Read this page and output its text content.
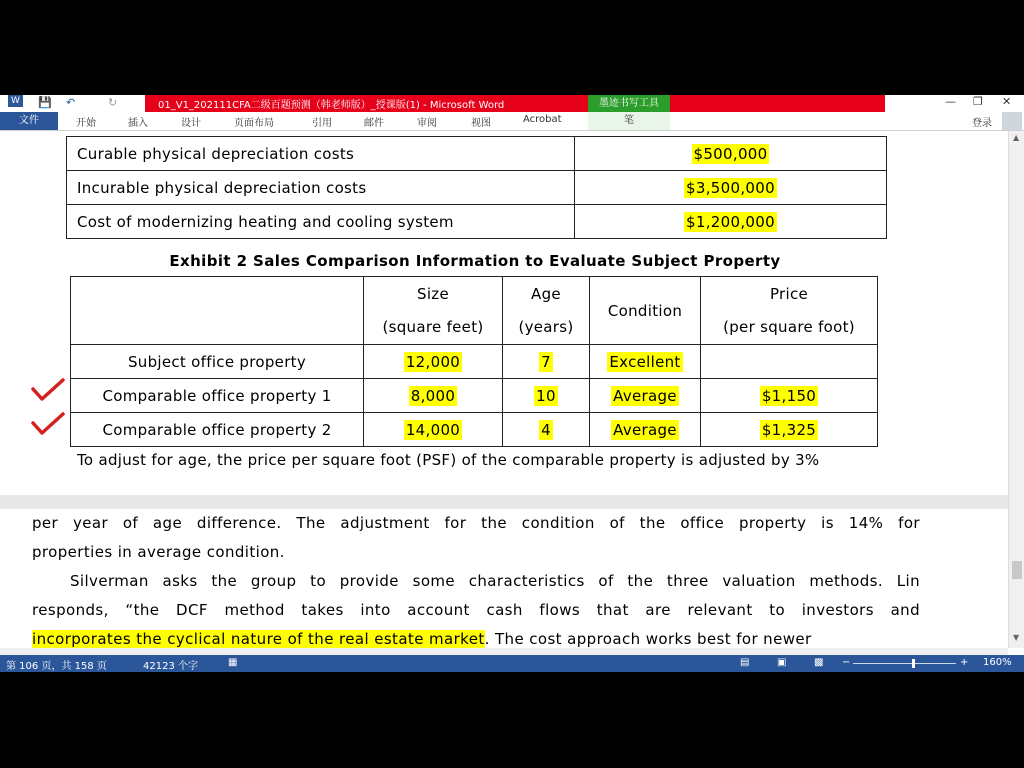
W 💾 ↶	↻	01_V1_202111CFA二级百题预测（韩老师版）_授课版(1) - Microsoft Word	墨迹书写工具	? ⊞ — ❐ ✕
文件	开始	插入	设计	页面布局	引用	邮件	审阅	视图	Acrobat	笔	登录
Curable physical depreciation costs	$500,000
Incurable physical depreciation costs	$3,500,000
Cost of modernizing heating and cooling system	$1,200,000
Exhibit 2 Sales Comparison Information to Evaluate Subject Property
	Size	Age	Condition	Price
	(square feet)	(years)		(per square foot)
Subject office property	12,000	7	Excellent	
Comparable office property 1	8,000	10	Average	$1,150
Comparable office property 2	14,000	4	Average	$1,325
To adjust for age, the price per square foot (PSF) of the comparable property is adjusted by 3%
per year of age difference. The adjustment for the condition of the office property is 14% for
properties in average condition.
Silverman asks the group to provide some characteristics of the three valuation methods. Lin
responds, “the DCF method takes into account cash flows that are relevant to investors and
incorporates the cyclical nature of the real estate market. The cost approach works best for newer
▲
▼
第 106 页，共 158 页	42123 个字	▦	▤	▣	▩ −	+ 160%
